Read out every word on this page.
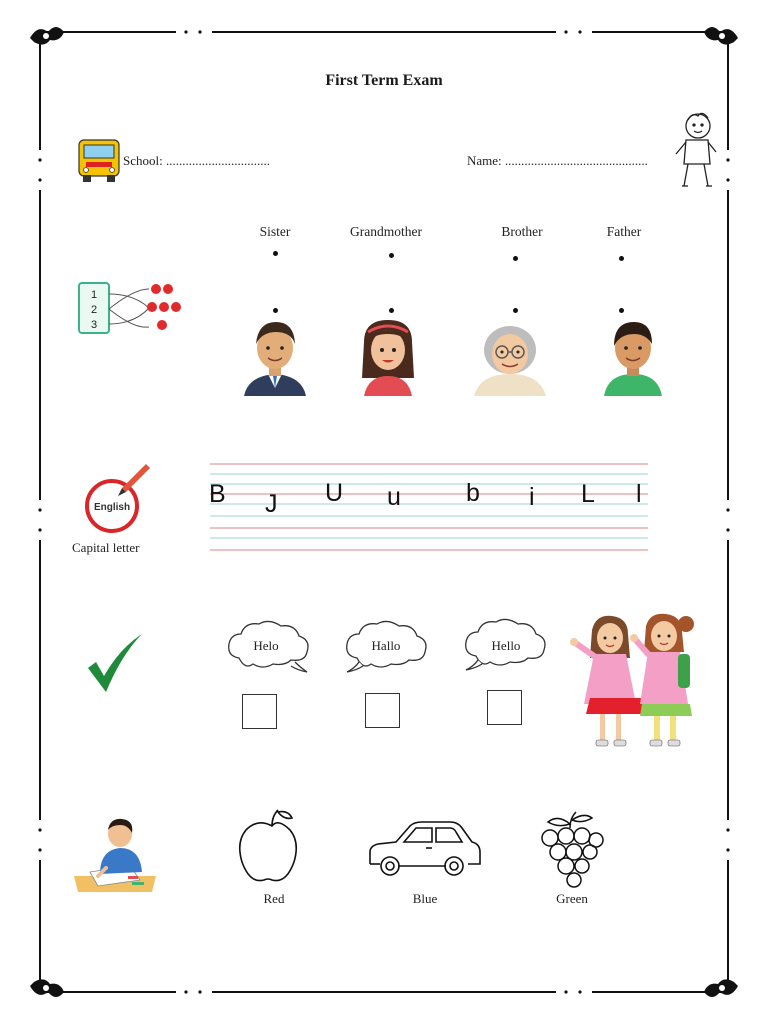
First Term Exam
School: ................................	Name: ............................................
1
2
3
Sister	Grandmother	Brother	Father
English
Capital letter
B J U u	b i L l
Helo	Hallo	Hello
Red	Blue	Green
